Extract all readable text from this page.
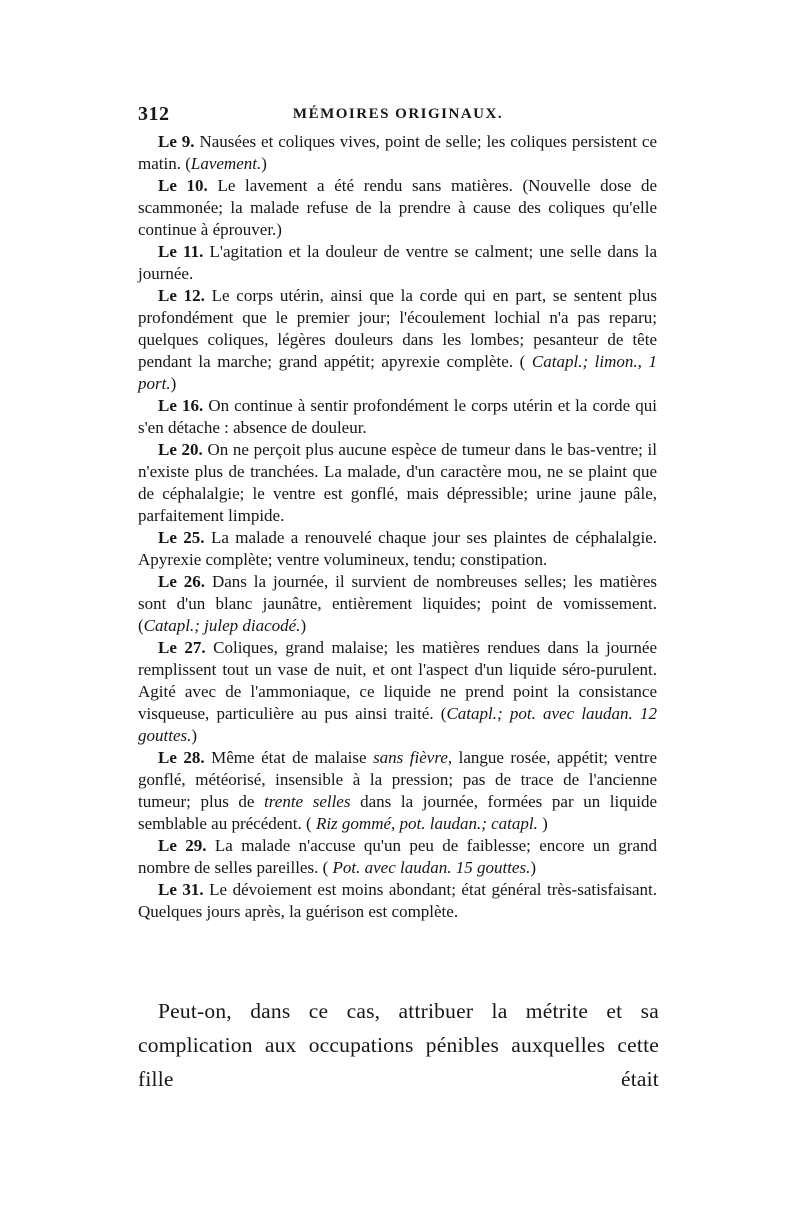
312	MÉMOIRES ORIGINAUX.

Le 9. Nausées et coliques vives, point de selle; les coliques persistent ce matin. (Lavement.)

Le 10. Le lavement a été rendu sans matières. (Nouvelle dose de scammonée; la malade refuse de la prendre à cause des coliques qu'elle continue à éprouver.)

Le 11. L'agitation et la douleur de ventre se calment; une selle dans la journée.

Le 12. Le corps utérin, ainsi que la corde qui en part, se sentent plus profondément que le premier jour; l'écoulement lochial n'a pas reparu; quelques coliques, légères douleurs dans les lombes; pesanteur de tête pendant la marche; grand appétit; apyrexie complète. ( Catapl.; limon., 1 port.)

Le 16. On continue à sentir profondément le corps utérin et la corde qui s'en détache : absence de douleur.

Le 20. On ne perçoit plus aucune espèce de tumeur dans le bas-ventre; il n'existe plus de tranchées. La malade, d'un caractère mou, ne se plaint que de céphalalgie; le ventre est gonflé, mais dépressible; urine jaune pâle, parfaitement limpide.

Le 25. La malade a renouvelé chaque jour ses plaintes de céphalalgie. Apyrexie complète; ventre volumineux, tendu; constipation.

Le 26. Dans la journée, il survient de nombreuses selles; les matières sont d'un blanc jaunâtre, entièrement liquides; point de vomissement. (Catapl.; julep diacodé.)

Le 27. Coliques, grand malaise; les matières rendues dans la journée remplissent tout un vase de nuit, et ont l'aspect d'un liquide séro-purulent. Agité avec de l'ammoniaque, ce liquide ne prend point la consistance visqueuse, particulière au pus ainsi traité. (Catapl.; pot. avec laudan. 12 gouttes.)

Le 28. Même état de malaise sans fièvre, langue rosée, appétit; ventre gonflé, météorisé, insensible à la pression; pas de trace de l'ancienne tumeur; plus de trente selles dans la journée, formées par un liquide semblable au précédent. ( Riz gommé, pot. laudan.; catapl. )

Le 29. La malade n'accuse qu'un peu de faiblesse; encore un grand nombre de selles pareilles. ( Pot. avec laudan. 15 gouttes.)

Le 31. Le dévoiement est moins abondant; état général très-satisfaisant. Quelques jours après, la guérison est complète.

Peut-on, dans ce cas, attribuer la métrite et sa complication aux occupations pénibles auxquelles cette fille était
